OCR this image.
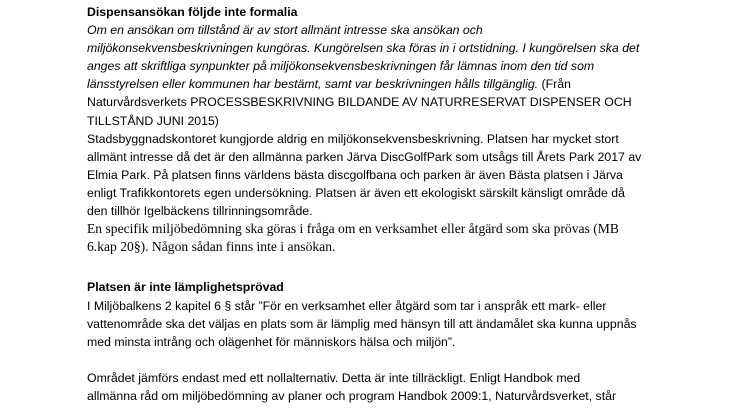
Dispensansökan följde inte formalia
Om en ansökan om tillstånd är av stort allmänt intresse ska ansökan och
miljökonsekvensbeskrivningen kungöras. Kungörelsen ska föras in i ortstidning. I kungörelsen ska det
anges att skriftliga synpunkter på miljökonsekvensbeskrivningen får lämnas inom den tid som
länsstyrelsen eller kommunen har bestämt, samt var beskrivningen hålls tillgänglig. (Från
Naturvårdsverkets PROCESSBESKRIVNING BILDANDE AV NATURRESERVAT DISPENSER OCH
TILLSTÅND JUNI 2015)
Stadsbyggnadskontoret kungjorde aldrig en miljökonsekvensbeskrivning. Platsen har mycket stort
allmänt intresse då det är den allmänna parken Järva DiscGolfPark som utsågs till Årets Park 2017 av
Elmia Park. På platsen finns världens bästa discgolfbana och parken är även Bästa platsen i Järva
enligt Trafikkontorets egen undersökning. Platsen är även ett ekologiskt särskilt känsligt område då
den tillhör Igelbäckens tillrinningsområde.
En specifik miljöbedömning ska göras i fråga om en verksamhet eller åtgärd som ska prövas (MB
6.kap 20§). Någon sådan finns inte i ansökan.
Platsen är inte lämplighetsprövad
I Miljöbalkens 2 kapitel 6 § står ”För en verksamhet eller åtgärd som tar i anspråk ett mark- eller
vattenområde ska det väljas en plats som är lämplig med hänsyn till att ändamålet ska kunna uppnås
med minsta intrång och olägenhet för människors hälsa och miljön”.
Området jämförs endast med ett nollalternativ. Detta är inte tillräckligt. Enligt Handbok med
allmänna råd om miljöbedömning av planer och program Handbok 2009:1, Naturvårdsverket, står
